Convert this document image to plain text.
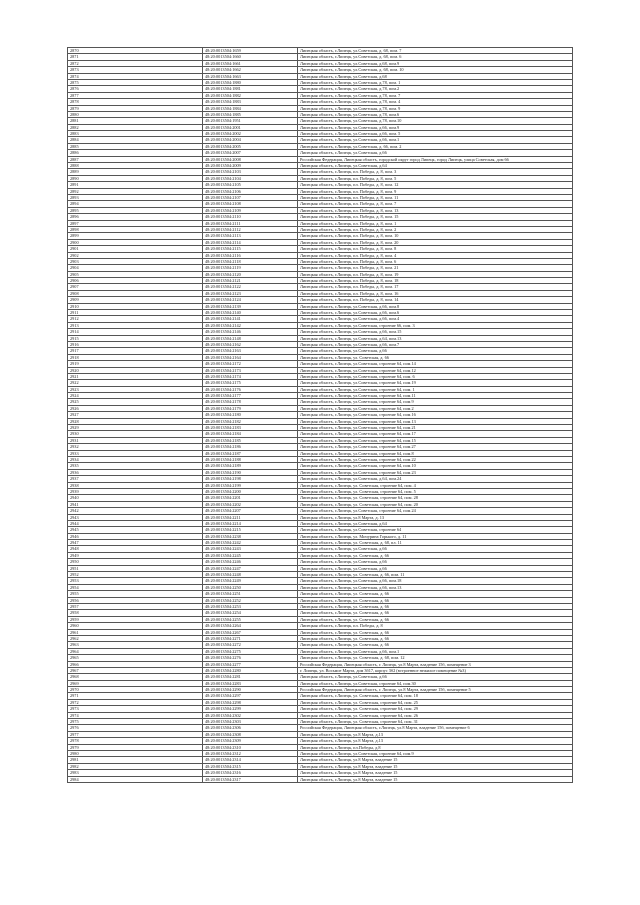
2870	48:20:0013504:1659	Липецкая область, г.Липецк, ул.Советская, д. 68, пом. 7
2871	48:20:0013504:1660	Липецкая область, г.Липецк, ул.Советская, д. 68, пом. 6
2872	48:20:0013504:1661	Липецкая область, г.Липецк, ул.Советская, д.68, пом.9
2873	48:20:0013504:1662	Липецкая область, г.Липецк, ул.Советская, д. 68, пом. 10
2874	48:20:0013504:1663	Липецкая область, г.Липецк, ул.Советская, д.68
2875	48:20:0013504:1880	Липецкая область, г.Липецк, ул.Советская, д.78, пом. 1
2876	48:20:0013504:1881	Липецкая область, г.Липецк, ул.Советская, д.78, пом.2
2877	48:20:0013504:1882	Липецкая область, г.Липецк, ул.Советская, д.78, пом. 7
2878	48:20:0013504:1883	Липецкая область, г.Липецк, ул.Советская, д.78, пом. 4
2879	48:20:0013504:1884	Липецкая область, г.Липецк, ул.Советская, д.78, пом. 9
2880	48:20:0013504:1885	Липецкая область, г.Липецк, ул.Советская, д.78, пом.6
2881	48:20:0013504:1951	Липецкая область, г.Липецк, ул.Советская, д.78, пом.10
2882	48:20:0013504:2001	Липецкая область, г.Липецк, ул.Советская, д.66, пом.9
2883	48:20:0013504:2002	Липецкая область, г.Липецк, ул.Советская, д.66, пом. 5
2884	48:20:0013504:2004	Липецкая область, г.Липецк, ул.Советская, д.66, пом.1
2885	48:20:0013504:2005	Липецкая область, г.Липецк, ул.Советская, д. 66, пом. 2
2886	48:20:0013504:2007	Липецкая область, г.Липецк, ул.Советская, д.66
2887	48:20:0013504:2008	Российская Федерация, Липецкая область, городской округ город Липецк, город Липецк, улица Советская, дом 66
2888	48:20:0013504:2009	Липецкая область, г.Липецк, ул.Советская, д.64
2889	48:20:0013504:2103	Липецкая область, г.Липецк, пл. Победы, д. 8, пом. 3
2890	48:20:0013504:2104	Липецкая область, г.Липецк, пл. Победы, д. 8, пом. 5
2891	48:20:0013504:2105	Липецкая область, г.Липецк, пл. Победы, д. 8, пом. 12
2892	48:20:0013504:2106	Липецкая область, г.Липецк, пл. Победы, д. 8, пом. 9
2893	48:20:0013504:2107	Липецкая область, г.Липецк, пл. Победы, д. 8, пом. 11
2894	48:20:0013504:2108	Липецкая область, г.Липецк, пл. Победы, д. 8, пом. 7
2895	48:20:0013504:2109	Липецкая область, г.Липецк, пл. Победы, д. 8, пом. 13
2896	48:20:0013504:2110	Липецкая область, г.Липецк, пл. Победы, д. 8, пом. 15
2897	48:20:0013504:2111	Липецкая область, г.Липецк, пл. Победы, д. 8, пом. 1
2898	48:20:0013504:2112	Липецкая область, г.Липецк, пл. Победы, д. 8, пом. 2
2899	48:20:0013504:2113	Липецкая область, г.Липецк, пл. Победы, д. 8, пом. 10
2900	48:20:0013504:2114	Липецкая область, г.Липецк, пл. Победы, д. 8, пом. 20
2901	48:20:0013504:2115	Липецкая область, г.Липецк, пл. Победы, д. 8, пом. 8
2902	48:20:0013504:2116	Липецкая область, г.Липецк, пл. Победы, д. 8, пом. 4
2903	48:20:0013504:2118	Липецкая область, г.Липецк, пл. Победы, д. 8, пом. 6
2904	48:20:0013504:2119	Липецкая область, г.Липецк, пл. Победы, д. 8, пом. 21
2905	48:20:0013504:2120	Липецкая область, г.Липецк, пл. Победы, д. 8, пом. 19
2906	48:20:0013504:2121	Липецкая область, г.Липецк, пл. Победы, д. 8, пом. 18
2907	48:20:0013504:2122	Липецкая область, г.Липецк, пл. Победы, д. 8, пом. 17
2908	48:20:0013504:2123	Липецкая область, г.Липецк, пл. Победы, д. 8, пом. 16
2909	48:20:0013504:2124	Липецкая область, г.Липецк, пл. Победы, д. 8, пом. 14
2910	48:20:0013504:2139	Липецкая область, г.Липецк, ул.Советская, д.66, пом.8
2911	48:20:0013504:2140	Липецкая область, г.Липецк, ул.Советская, д.66, пом.6
2912	48:20:0013504:2141	Липецкая область, г.Липецк, ул.Советская, д.66, пом.4
2913	48:20:0013504:2142	Липецкая область, г.Липецк, ул.Советская, строение 66, пом. 3
2914	48:20:0013504:2146	Липецкая область, г.Липецк, ул.Советская, д.66, пом.15
2915	48:20:0013504:2148	Липецкая область, г.Липецк, ул.Советская, д.64, пом.13
2916	48:20:0013504:2162	Липецкая область, г.Липецк, ул.Советская, д.66, пом.7
2917	48:20:0013504:2163	Липецкая область, г.Липецк, ул.Советская, д.66
2918	48:20:0013504:2164	Липецкая область, г.Липецк, ул. Советская, д. 66
2919	48:20:0013504:2172	Липецкая область, г.Липецк, ул.Советская, строение 64, пом.14
2920	48:20:0013504:2173	Липецкая область, г.Липецк, ул.Советская, строение 64, пом.12
2921	48:20:0013504:2174	Липецкая область, г.Липецк, ул.Советская, строение 64, пом. 6
2922	48:20:0013504:2175	Липецкая область, г.Липецк, ул.Советская, строение 64, пом.19
2923	48:20:0013504:2176	Липецкая область, г.Липецк, ул.Советская, строение 64, пом. 1
2924	48:20:0013504:2177	Липецкая область, г.Липецк, ул.Советская, строение 64, пом.11
2925	48:20:0013504:2178	Липецкая область, г.Липецк, ул.Советская, строение 64, пом.9
2926	48:20:0013504:2179	Липецкая область, г.Липецк, ул.Советская, строение 64, пом.2
2927	48:20:0013504:2180	Липецкая область, г.Липецк, ул.Советская, строение 64, пом.16
2928	48:20:0013504:2182	Липецкая область, г.Липецк, ул.Советская, строение 64, пом.13
2929	48:20:0013504:2183	Липецкая область, г.Липецк, ул.Советская, строение 64, пом.21
2930	48:20:0013504:2184	Липецкая область, г.Липецк, ул.Советская, строение 64, пом.17
2931	48:20:0013504:2185	Липецкая область, г.Липецк, ул.Советская, строение 64, пом.15
2932	48:20:0013504:2186	Липецкая область, г.Липецк, ул.Советская, строение 64, пом.27
2933	48:20:0013504:2187	Липецкая область, г.Липецк, ул.Советская, строение 64, пом.8
2934	48:20:0013504:2188	Липецкая область, г.Липецк, ул.Советская, строение 64, пом.22
2935	48:20:0013504:2189	Липецкая область, г.Липецк, ул.Советская, строение 64, пом.10
2936	48:20:0013504:2190	Липецкая область, г.Липецк, ул.Советская, строение 64, пом.23
2937	48:20:0013504:2198	Липецкая область, г.Липецк, ул.Советская, д.64, пом.24
2938	48:20:0013504:2199	Липецкая область, г.Липецк, ул. Советская, строение 64, пом. 4
2939	48:20:0013504:2200	Липецкая область, г.Липецк, ул. Советская, строение 64, пом. 5
2940	48:20:0013504:2201	Липецкая область, г.Липецк, ул. Советская, строение 64, пом. 28
2941	48:20:0013504:2202	Липецкая область, г.Липецк, ул. Советская, строение 64, пом. 20
2942	48:20:0013504:2207	Липецкая область, г.Липецк, ул.Советская, строение 64, пом.24
2943	48:20:0013504:2211	Липецкая область, г.Липецк, ул.8 Марта, д. 13
2944	48:20:0013504:2214	Липецкая область, г.Липецк, ул.Советская, д.64
2945	48:20:0013504:2215	Липецкая область, г.Липецк, ул.Советская, строение 64
2946	48:20:0013504:2238	Липецкая область, г.Липецк, ул. Мичурина Горького, д. 11
2947	48:20:0013504:2242	Липецкая область, г.Липецк, ул. Советская, д. 68, пл. 11
2948	48:20:0013504:2243	Липецкая область, г.Липецк, ул.Советская, д.66
2949	48:20:0013504:2245	Липецкая область, г.Липецк, ул. Советская, д. 66
2950	48:20:0013504:2246	Липецкая область, г.Липецк, ул.Советская, д.66
2951	48:20:0013504:2247	Липецкая область, г.Липецк, ул.Советская, д.66
2952	48:20:0013504:2248	Липецкая область, г.Липецк, ул. Советская, д. 66, пом. 11
2953	48:20:0013504:2249	Липецкая область, г.Липецк, ул.Советская, д.66, пом.18
2954	48:20:0013504:2250	Липецкая область, г.Липецк, ул.Советская, д.66, пом.13
2955	48:20:0013504:2251	Липецкая область, г.Липецк, ул. Советская, д. 66
2956	48:20:0013504:2252	Липецкая область, г.Липецк, ул. Советская, д. 66
2957	48:20:0013504:2253	Липецкая область, г.Липецк, ул. Советская, д. 66
2958	48:20:0013504:2254	Липецкая область, г.Липецк, ул. Советская, д. 66
2959	48:20:0013504:2255	Липецкая область, г.Липецк, ул. Советская, д. 66
2960	48:20:0013504:2264	Липецкая область, г.Липецк, пл. Победы, д. 8
2961	48:20:0013504:2267	Липецкая область, г.Липецк, ул. Советская, д. 66
2962	48:20:0013504:2271	Липецкая область, г.Липецк, ул. Советская, д. 66
2963	48:20:0013504:2272	Липецкая область, г.Липецк, ул. Советская, д. 66
2964	48:20:0013504:2275	Липецкая область, г.Липецк, ул.Советская, д.66, пом.1
2965	48:20:0013504:2276	Липецкая область, г.Липецк, ул. Советская, д. 68, пом. 12
2966	48:20:0013504:2277	Российская Федерация, Липецкая область, г. Липецк, ул.8 Марта, владение 15б, помещение 3
2967	48:20:0013504:2280	г. Липецк, ул. Восьмое Марта, дом 3б17, корпус 3б2 (встроенное нежилое помещение №3)
2968	48:20:0013504:2281	Липецкая область, г.Липецк, ул.Советская, д.66
2969	48:20:0013504:2283	Липецкая область, г.Липецк, ул.Советская, строение 64, пом.30
2970	48:20:0013504:2290	Российская Федерация, Липецкая область, г. Липецк, ул.8 Марта, владение 15б, помещение 5
2971	48:20:0013504:2297	Липецкая область, г.Липецк, ул. Советская, строение 64, пом. 18
2972	48:20:0013504:2298	Липецкая область, г.Липецк, ул. Советская, строение 64, пом. 25
2973	48:20:0013504:2299	Липецкая область, г.Липецк, ул. Советская, строение 64, пом. 29
2974	48:20:0013504:2302	Липецкая область, г.Липецк, ул. Советская, строение 64, пом. 26
2975	48:20:0013504:2303	Липецкая область, г.Липецк, ул. Советская, строение 64, пом. 31
2976	48:20:0013504:2306	Российская Федерация, Липецкая область, г.Липецк, ул.8 Марта, владение 15б, помещение 6
2977	48:20:0013504:2308	Липецкая область, г.Липецк, ул.8 Марта, д.13
2978	48:20:0013504:2309	Липецкая область, г.Липецк, ул.8 Марта, д.13
2979	48:20:0013504:2310	Липецкая область, г.Липецк, пл.Победы, д.8
2980	48:20:0013504:2312	Липецкая область, г.Липецк, ул.Советская, строение 64, пом.9
2981	48:20:0013504:2314	Липецкая область, г.Липецк, ул.8 Марта, владение 15
2982	48:20:0013504:2315	Липецкая область, г.Липецк, ул.8 Марта, владение 15
2983	48:20:0013504:2316	Липецкая область, г.Липецк, ул.8 Марта, владение 15
2984	48:20:0013504:2317	Липецкая область, г.Липецк, ул.8 Марта, владение 15
